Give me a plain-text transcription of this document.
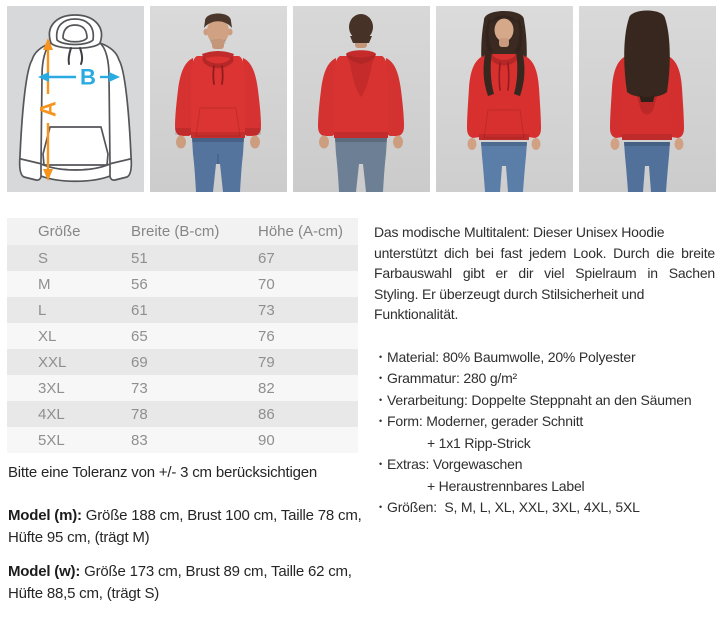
A
B
Größe	Breite (B-cm)	Höhe (A-cm)
S	51	67
M	56	70
L	61	73
XL	65	76
XXL	69	79
3XL	73	82
4XL	78	86
5XL	83	90
Das modische Multitalent: Dieser Unisex Hoodie
unterstützt dich bei fast jedem Look. Durch die breite
Farbauswahl gibt er dir viel Spielraum in Sachen
Styling. Er überzeugt durch Stilsicherheit und
Funktionalität.
• Material: 80% Baumwolle, 20% Polyester
• Grammatur: 280 g/m²
• Verarbeitung: Doppelte Steppnaht an den Säumen
• Form: Moderner, gerader Schnitt
+ 1x1 Ripp-Strick
• Extras: Vorgewaschen
+ Heraustrennbares Label
• Größen:  S, M, L, XL, XXL, 3XL, 4XL, 5XL
Bitte eine Toleranz von +/- 3 cm berücksichtigen
Model (m): Größe 188 cm, Brust 100 cm, Taille 78 cm, Hüfte 95 cm, (trägt M)
Model (w): Größe 173 cm, Brust 89 cm, Taille 62 cm, Hüfte 88,5 cm, (trägt S)
